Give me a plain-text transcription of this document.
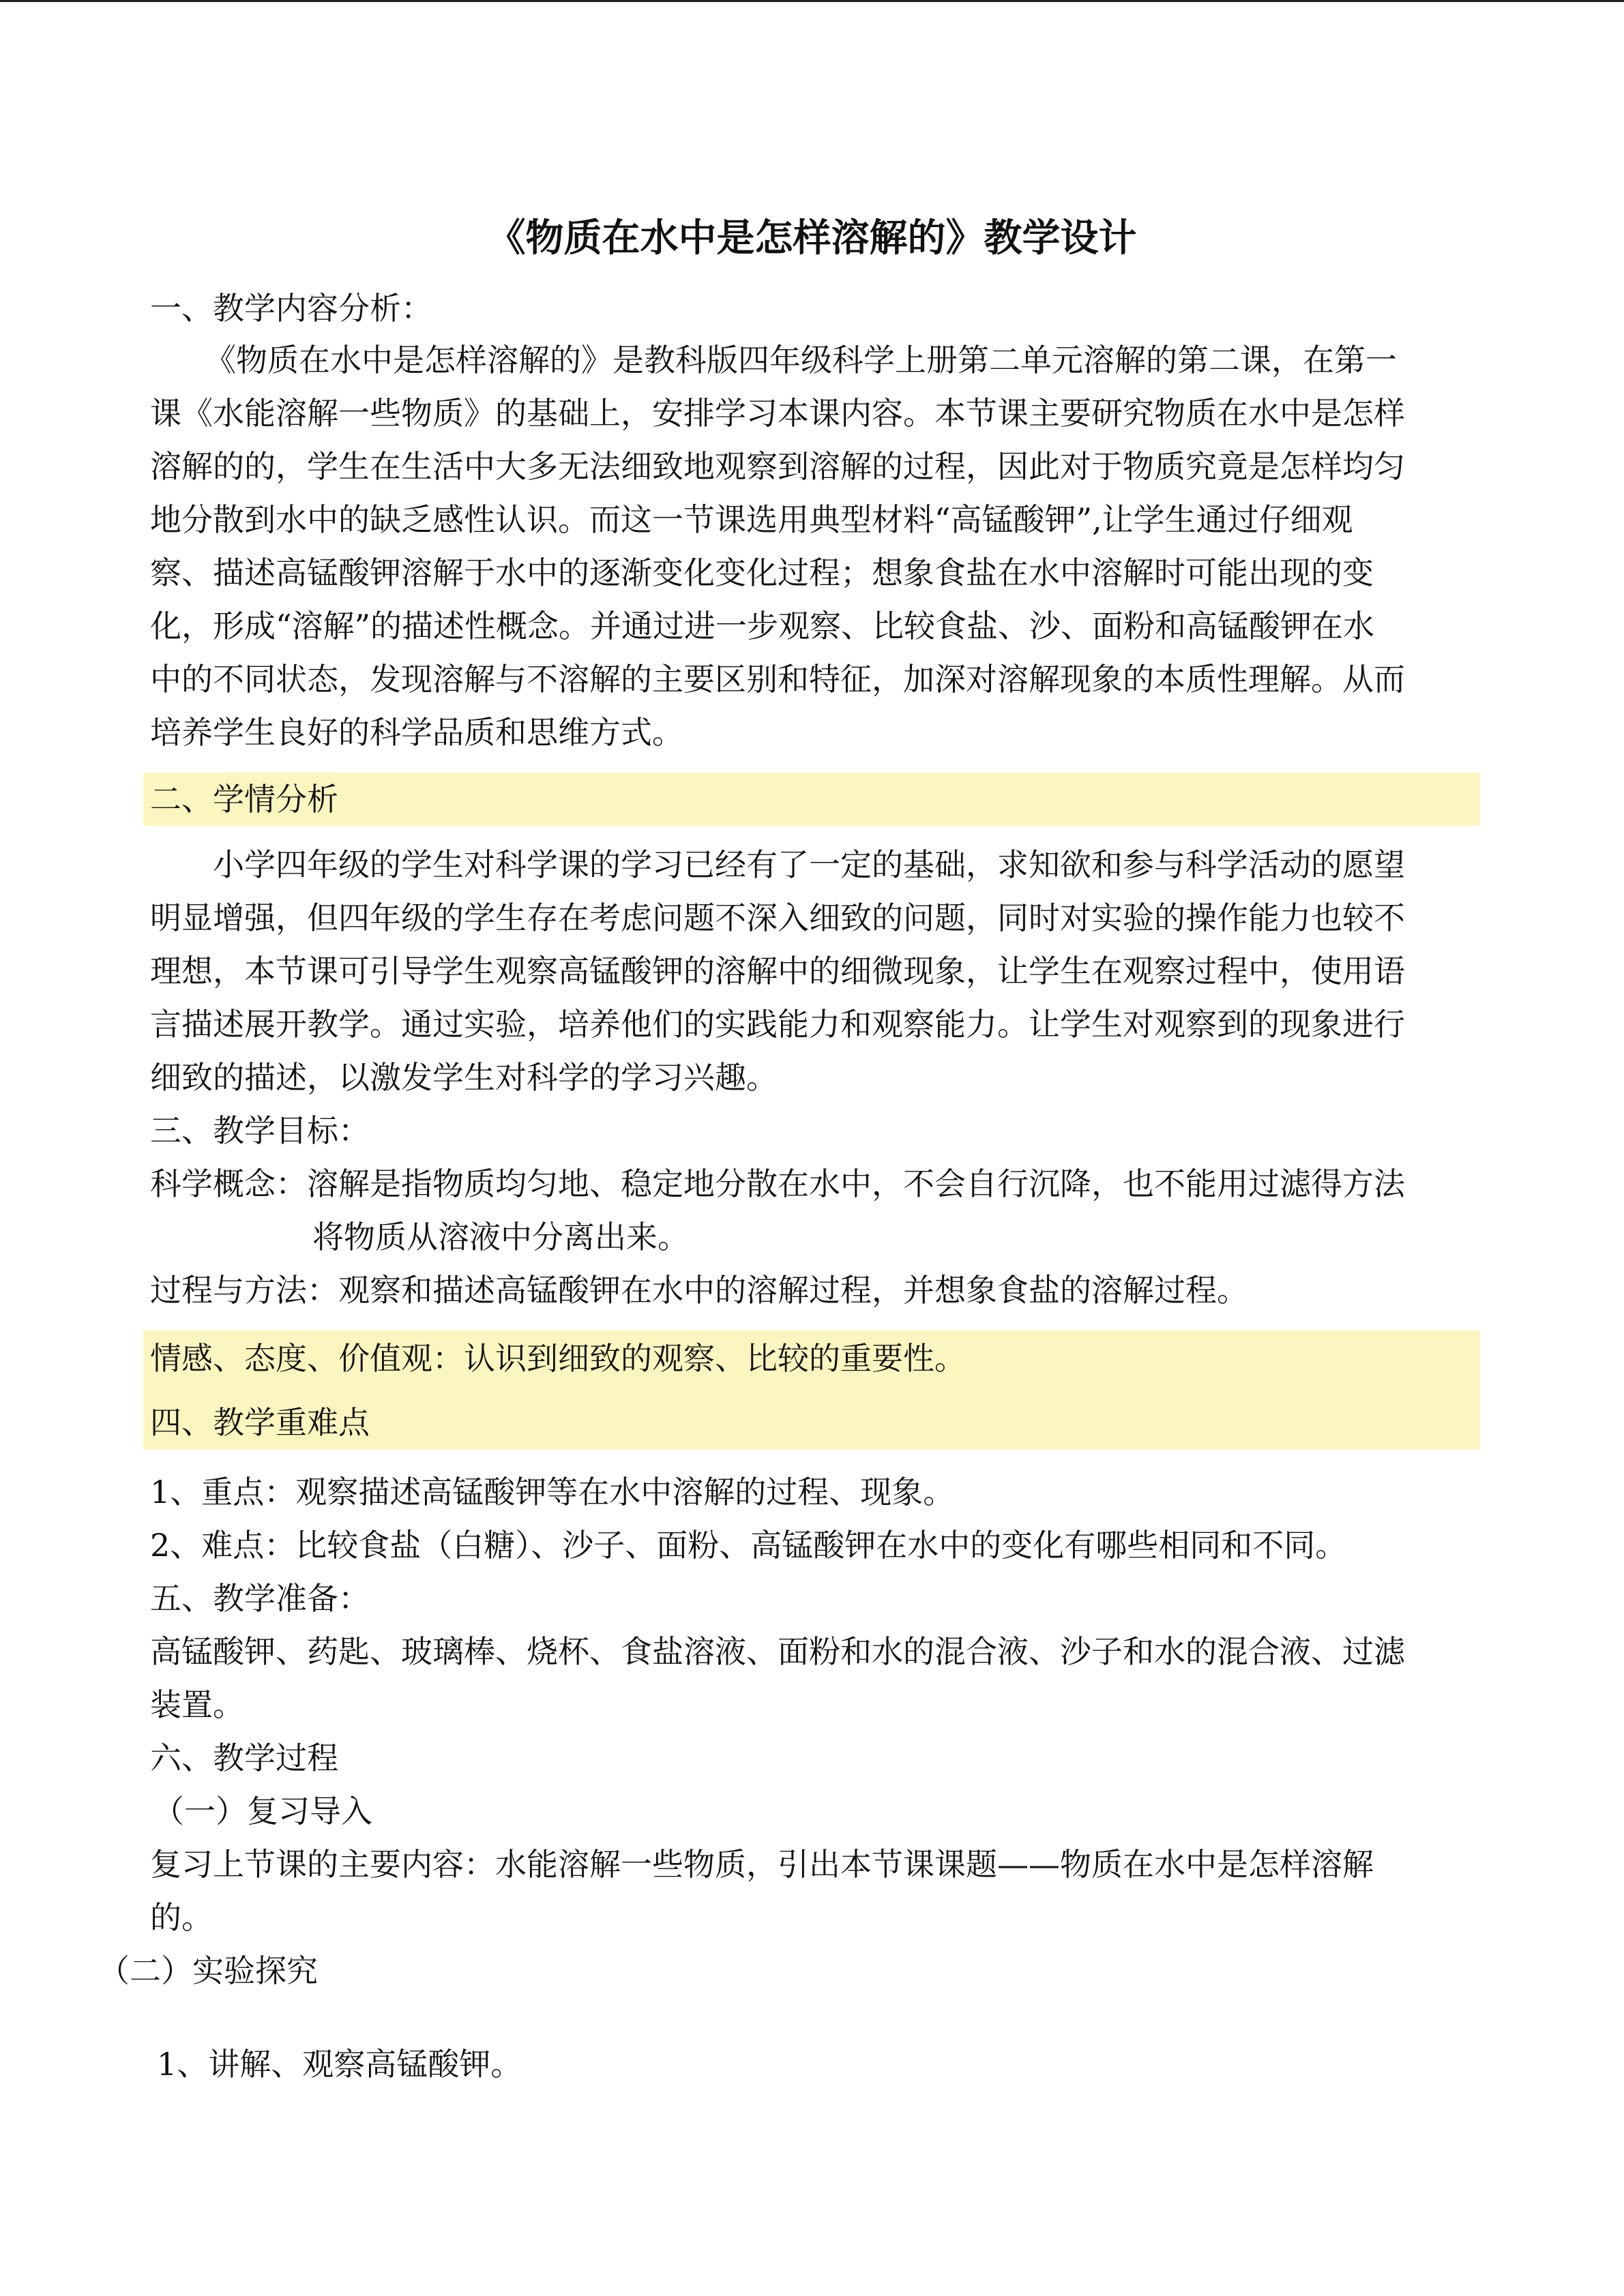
《物质在水中是怎样溶解的》教学设计
一、教学内容分析：
《物质在水中是怎样溶解的》是教科版四年级科学上册第二单元溶解的第二课，在第一
课《水能溶解一些物质》的基础上，安排学习本课内容。本节课主要研究物质在水中是怎样
溶解的的，学生在生活中大多无法细致地观察到溶解的过程，因此对于物质究竟是怎样均匀
地分散到水中的缺乏感性认识。而这一节课选用典型材料“高锰酸钾”,让学生通过仔细观
察、描述高锰酸钾溶解于水中的逐渐变化变化过程；想象食盐在水中溶解时可能出现的变
化，形成“溶解”的描述性概念。并通过进一步观察、比较食盐、沙、面粉和高锰酸钾在水
中的不同状态，发现溶解与不溶解的主要区别和特征，加深对溶解现象的本质性理解。从而
培养学生良好的科学品质和思维方式。
二、学情分析
小学四年级的学生对科学课的学习已经有了一定的基础，求知欲和参与科学活动的愿望
明显增强，但四年级的学生存在考虑问题不深入细致的问题，同时对实验的操作能力也较不
理想，本节课可引导学生观察高锰酸钾的溶解中的细微现象，让学生在观察过程中，使用语
言描述展开教学。通过实验，培养他们的实践能力和观察能力。让学生对观察到的现象进行
细致的描述，以激发学生对科学的学习兴趣。
三、教学目标：
科学概念：溶解是指物质均匀地、稳定地分散在水中，不会自行沉降，也不能用过滤得方法
将物质从溶液中分离出来。
过程与方法：观察和描述高锰酸钾在水中的溶解过程，并想象食盐的溶解过程。
情感、态度、价值观：认识到细致的观察、比较的重要性。
四、教学重难点
1、重点：观察描述高锰酸钾等在水中溶解的过程、现象。
2、难点：比较食盐（白糖）、沙子、面粉、高锰酸钾在水中的变化有哪些相同和不同。
五、教学准备：
高锰酸钾、药匙、玻璃棒、烧杯、食盐溶液、面粉和水的混合液、沙子和水的混合液、过滤
装置。
六、教学过程
（一）复习导入
复习上节课的主要内容：水能溶解一些物质，引出本节课课题——物质在水中是怎样溶解
的。
（二）实验探究
1、讲解、观察高锰酸钾。
